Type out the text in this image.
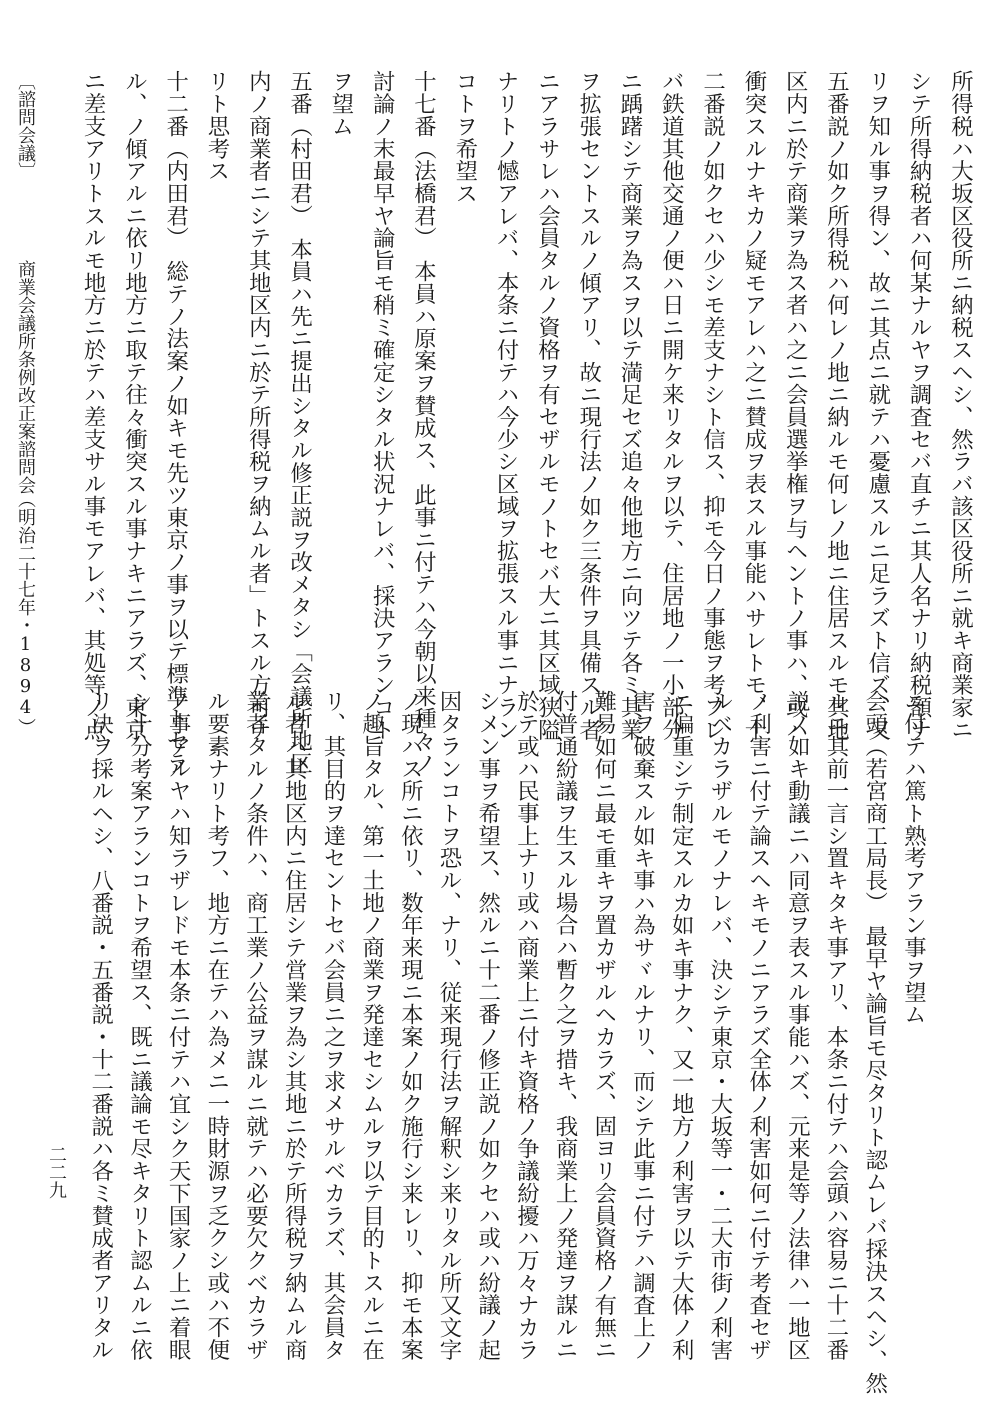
〔諮問会議〕
商業会議所条例改正案諮問会
（明治二十七年・1894）	所得税ハ大坂区役所ニ納税スヘシ、然ラバ該区役所ニ就キ商業家ニ
シテ所得納税者ハ何某ナルヤヲ調査セバ直チニ其人名ナリ納税額ナ
リヲ知ル事ヲ得ン、故ニ其点ニ就テハ憂慮スルニ足ラズト信ズ、又
五番説ノ如ク所得税ハ何レノ地ニ納ルモ何レノ地ニ住居スルモ其地
区内ニ於テ商業ヲ為ス者ハ之ニ会員選挙権ヲ与ヘントノ事ハ、或ハ
衝突スルナキカノ疑モアレハ之ニ賛成ヲ表スル事能ハサレトモ、十
二番説ノ如クセハ少シモ差支ナシト信ス、抑モ今日ノ事態ヲ考フレ
バ鉄道其他交通ノ便ハ日ニ開ケ来リタルヲ以テ、住居地ノ一小部分
ニ踽躇シテ商業ヲ為スヲ以テ満足セズ追々他地方ニ向ツテ各ミ其業
ヲ拡張セントスルノ傾アリ、故ニ現行法ノ如ク三条件ヲ具備スル者
ニアラサレハ会員タルノ資格ヲ有セザルモノトセバ大ニ其区域狭隘
ナリトノ憾アレバ、本条ニ付テハ今少シ区域ヲ拡張スル事ニナラン
コトヲ希望ス
十七番（法橋君）　本員ハ原案ヲ賛成ス、此事ニ付テハ今朝以来種々ノ
討論ノ末最早ヤ論旨モ稍ミ確定シタル状況ナレバ、採決アランコト
ヲ望ム
五番（村田君）　本員ハ先ニ提出シタル修正説ヲ改メタシ「会議所地区
内ノ商業者ニシテ其地区内ニ於テ所得税ヲ納ムル者」トスル方可ナ
リト思考ス
十二番（内田君）　総テノ法案ノ如キモ先ツ東京ノ事ヲ以テ標準トセラ
ル、ノ傾アルニ依リ地方ニ取テ往々衝突スル事ナキニアラズ、東京
ニ差支アリトスルモ地方ニ於テハ差支サル事モアレバ、其処等ノ点
ニ付テハ篤ト熟考アラン事ヲ望ム
会頭（若宮商工局長）　最早ヤ論旨モ尽タリト認ムレバ採決スヘシ、然
ルニ其前一言シ置キタキ事アリ、本条ニ付テハ会頭ハ容易ニ十二番
説ノ如キ動議ニハ同意ヲ表スル事能ハズ、元来是等ノ法律ハ一地区
ノ利害ニ付テ論スヘキモノニアラズ全体ノ利害如何ニ付テ考査セザ
ルベカラザルモノナレバ、決シテ東京・大坂等一・二大市街ノ利害
ニ偏重シテ制定スルカ如キ事ナク、又一地方ノ利害ヲ以テ大体ノ利
害ヲ破棄スル如キ事ハ為サヾルナリ、而シテ此事ニ付テハ調査上ノ
難易如何ニ最モ重キヲ置カザルヘカラズ、固ヨリ会員資格ノ有無ニ
付普通紛議ヲ生スル場合ハ暫ク之ヲ措キ、我商業上ノ発達ヲ謀ルニ
於テ或ハ民事上ナリ或ハ商業上ニ付キ資格ノ争議紛擾ハ万々ナカラ
シメン事ヲ希望ス、然ルニ十二番ノ修正説ノ如クセハ或ハ紛議ノ起
因タランコトヲ恐ル、ナリ、従来現行法ヲ解釈シ来リタル所又文字
ノ現ハス所ニ依リ、数年来現ニ本案ノ如ク施行シ来レリ、抑モ本案
ノ趣旨タル、第一土地ノ商業ヲ発達セシムルヲ以テ目的トスルニ在
リ、其目的ヲ達セントセバ会員ニ之ヲ求メサルベカラズ、其会員タ
ル者ハ其地区内ニ住居シテ営業ヲ為シ其地ニ於テ所得税ヲ納ムル商
業者タルノ条件ハ、商工業ノ公益ヲ謀ルニ就テハ必要欠クベカラザ
ル要素ナリト考フ、地方ニ在テハ為メニ一時財源ヲ乏クシ或ハ不便
ノ事アルヤハ知ラザレドモ本条ニ付テハ宜シク天下国家ノ上ニ着眼
シ十分考案アランコトヲ希望ス、既ニ議論モ尽キタリト認ムルニ依
リ決ヲ採ルヘシ、八番説・五番説・十二番説ハ各ミ賛成者アリタル
二二九
